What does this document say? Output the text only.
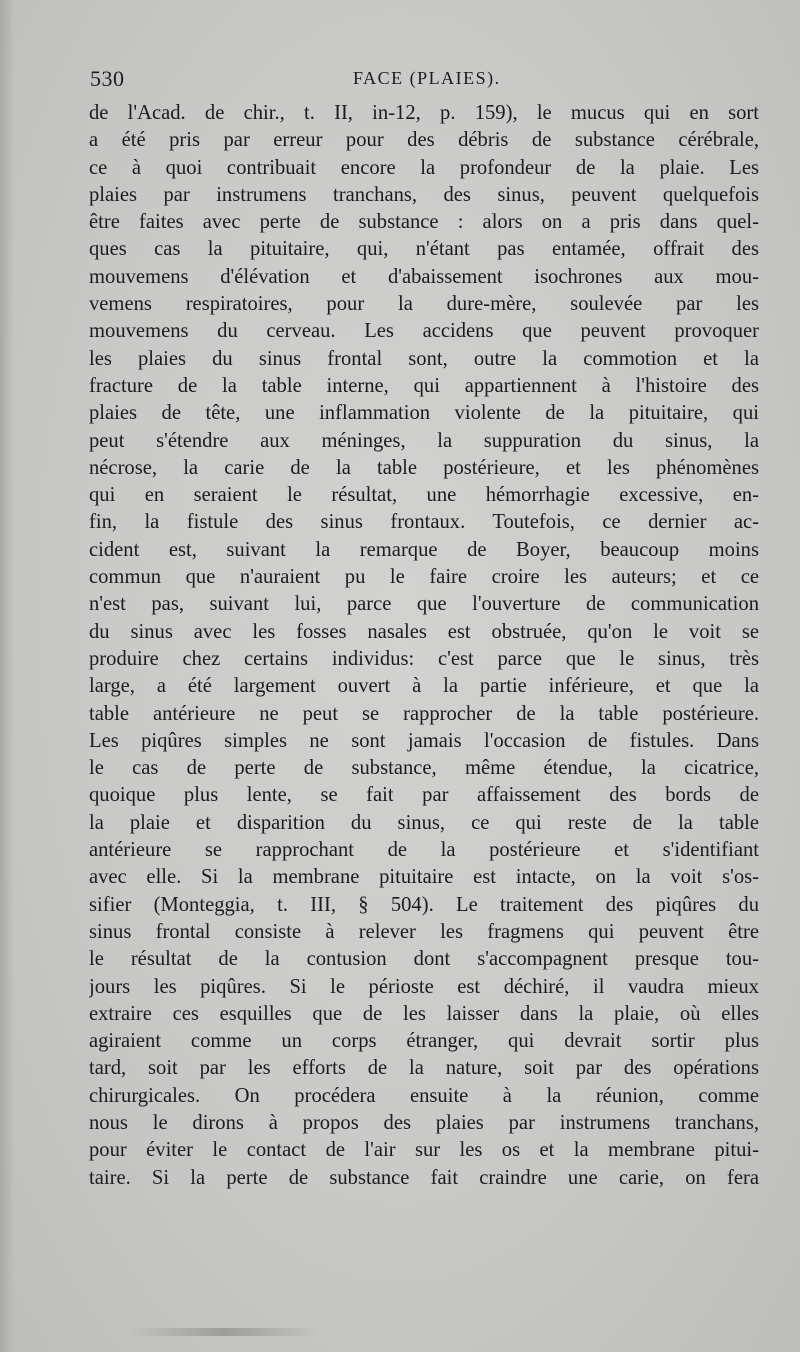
530	FACE (PLAIES).
de l'Acad. de chir., t. II, in-12, p. 159), le mucus qui en sort
a été pris par erreur pour des débris de substance cérébrale,
ce à quoi contribuait encore la profondeur de la plaie. Les
plaies par instrumens tranchans, des sinus, peuvent quelquefois
être faites avec perte de substance : alors on a pris dans quel-
ques cas la pituitaire, qui, n'étant pas entamée, offrait des
mouvemens d'élévation et d'abaissement isochrones aux mou-
vemens respiratoires, pour la dure-mère, soulevée par les
mouvemens du cerveau. Les accidens que peuvent provoquer
les plaies du sinus frontal sont, outre la commotion et la
fracture de la table interne, qui appartiennent à l'histoire des
plaies de tête, une inflammation violente de la pituitaire, qui
peut s'étendre aux méninges, la suppuration du sinus, la
nécrose, la carie de la table postérieure, et les phénomènes
qui en seraient le résultat, une hémorrhagie excessive, en-
fin, la fistule des sinus frontaux. Toutefois, ce dernier ac-
cident est, suivant la remarque de Boyer, beaucoup moins
commun que n'auraient pu le faire croire les auteurs; et ce
n'est pas, suivant lui, parce que l'ouverture de communication
du sinus avec les fosses nasales est obstruée, qu'on le voit se
produire chez certains individus: c'est parce que le sinus, très
large, a été largement ouvert à la partie inférieure, et que la
table antérieure ne peut se rapprocher de la table postérieure.
Les piqûres simples ne sont jamais l'occasion de fistules. Dans
le cas de perte de substance, même étendue, la cicatrice,
quoique plus lente, se fait par affaissement des bords de
la plaie et disparition du sinus, ce qui reste de la table
antérieure se rapprochant de la postérieure et s'identifiant
avec elle. Si la membrane pituitaire est intacte, on la voit s'os-
sifier (Monteggia, t. III, § 504). Le traitement des piqûres du
sinus frontal consiste à relever les fragmens qui peuvent être
le résultat de la contusion dont s'accompagnent presque tou-
jours les piqûres. Si le périoste est déchiré, il vaudra mieux
extraire ces esquilles que de les laisser dans la plaie, où elles
agiraient comme un corps étranger, qui devrait sortir plus
tard, soit par les efforts de la nature, soit par des opérations
chirurgicales. On procédera ensuite à la réunion, comme
nous le dirons à propos des plaies par instrumens tranchans,
pour éviter le contact de l'air sur les os et la membrane pitui-
taire. Si la perte de substance fait craindre une carie, on fera
